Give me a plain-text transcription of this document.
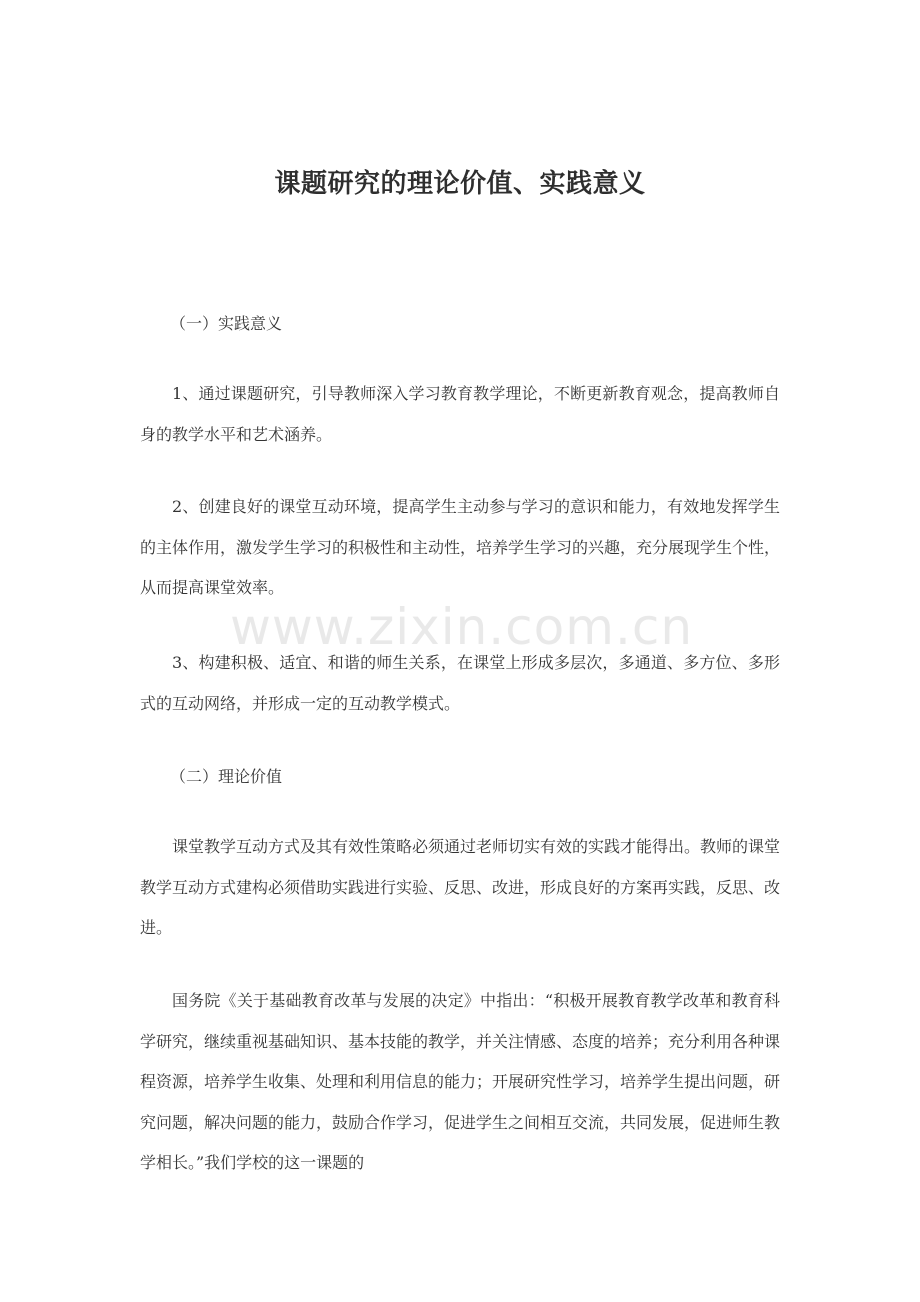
课题研究的理论价值、实践意义
（一）实践意义
1、通过课题研究，引导教师深入学习教育教学理论，不断更新教育观念，提高教师自身的教学水平和艺术涵养。
2、创建良好的课堂互动环境，提高学生主动参与学习的意识和能力，有效地发挥学生的主体作用，激发学生学习的积极性和主动性，培养学生学习的兴趣，充分展现学生个性，从而提高课堂效率。
www.zixin.com.cn
3、构建积极、适宜、和谐的师生关系，在课堂上形成多层次，多通道、多方位、多形式的互动网络，并形成一定的互动教学模式。
（二）理论价值
课堂教学互动方式及其有效性策略必须通过老师切实有效的实践才能得出。教师的课堂教学互动方式建构必须借助实践进行实验、反思、改进，形成良好的方案再实践，反思、改进。
国务院《关于基础教育改革与发展的决定》中指出：“积极开展教育教学改革和教育科学研究，继续重视基础知识、基本技能的教学，并关注情感、态度的培养；充分利用各种课程资源，培养学生收集、处理和利用信息的能力；开展研究性学习，培养学生提出问题，研究问题，解决问题的能力，鼓励合作学习，促进学生之间相互交流，共同发展，促进师生教学相长。”我们学校的这一课题的
